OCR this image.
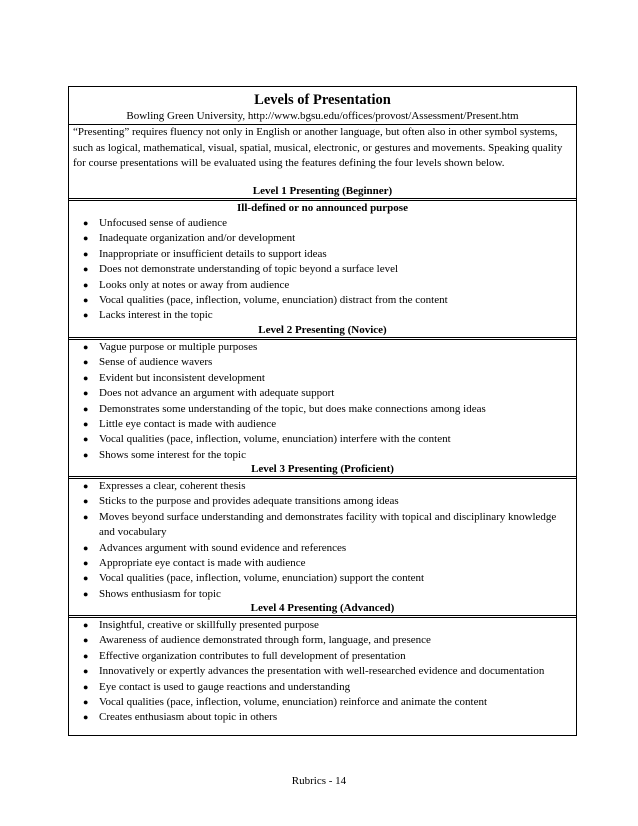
Levels of Presentation
Bowling Green University, http://www.bgsu.edu/offices/provost/Assessment/Present.htm

“Presenting” requires fluency not only in English or another language, but often also in other symbol systems, such as logical, mathematical, visual, spatial, musical, electronic, or gestures and movements. Speaking quality for course presentations will be evaluated using the features defining the four levels shown below.

Level 1 Presenting (Beginner)
Ill-defined or no announced purpose
● Unfocused sense of audience
● Inadequate organization and/or development
● Inappropriate or insufficient details to support ideas
● Does not demonstrate understanding of topic beyond a surface level
● Looks only at notes or away from audience
● Vocal qualities (pace, inflection, volume, enunciation) distract from the content
● Lacks interest in the topic
Level 2 Presenting (Novice)
● Vague purpose or multiple purposes
● Sense of audience wavers
● Evident but inconsistent development
● Does not advance an argument with adequate support
● Demonstrates some understanding of the topic, but does make connections among ideas
● Little eye contact is made with audience
● Vocal qualities (pace, inflection, volume, enunciation) interfere with the content
● Shows some interest for the topic
Level 3 Presenting (Proficient)
● Expresses a clear, coherent thesis
● Sticks to the purpose and provides adequate transitions among ideas
● Moves beyond surface understanding and demonstrates facility with topical and disciplinary knowledge and vocabulary
● Advances argument with sound evidence and references
● Appropriate eye contact is made with audience
● Vocal qualities (pace, inflection, volume, enunciation) support the content
● Shows enthusiasm for topic
Level 4 Presenting (Advanced)
● Insightful, creative or skillfully presented purpose
● Awareness of audience demonstrated through form, language, and presence
● Effective organization contributes to full development of presentation
● Innovatively or expertly advances the presentation with well-researched evidence and documentation
● Eye contact is used to gauge reactions and understanding
● Vocal qualities (pace, inflection, volume, enunciation) reinforce and animate the content
● Creates enthusiasm about topic in others
Rubrics - 14
